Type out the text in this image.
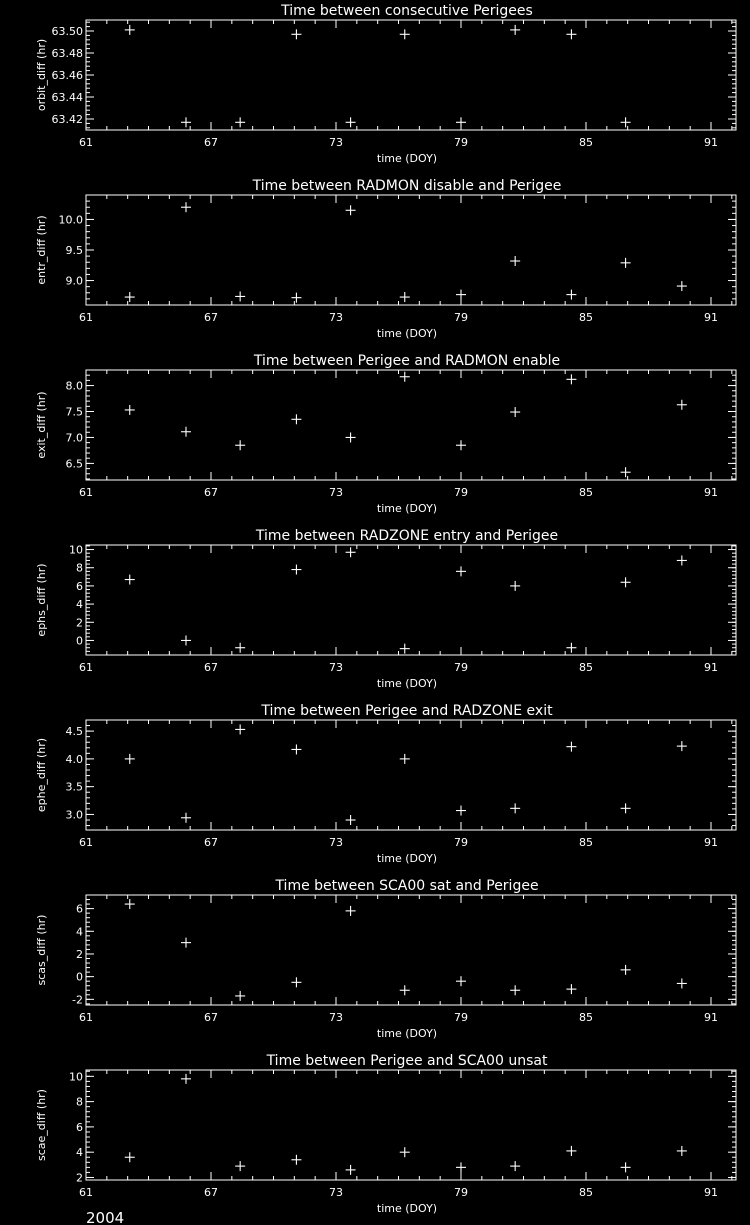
Time between consecutive Perigees
time (DOY)
orbit_diff (hr)
61	67	73	79	85	91
63.42
63.44
63.46
63.48
63.50
Time between RADMON disable and Perigee
time (DOY)
entr_diff (hr)
61	67	73	79	85	91
9.0
9.5
10.0
Time between Perigee and RADMON enable
time (DOY)
exit_diff (hr)
61	67	73	79	85	91
6.5
7.0
7.5
8.0
Time between RADZONE entry and Perigee
time (DOY)
ephs_diff (hr)
61	67	73	79	85	91
0
2
4
6
8
10
Time between Perigee and RADZONE exit
time (DOY)
ephe_diff (hr)
61	67	73	79	85	91
3.0
3.5
4.0
4.5
Time between SCA00 sat and Perigee
time (DOY)
scas_diff (hr)
61	67	73	79	85	91
-2
0
2
4
6
Time between Perigee and SCA00 unsat
time (DOY)
scae_diff (hr)
61	67	73	79	85	91
2
4
6
8
10
2004
